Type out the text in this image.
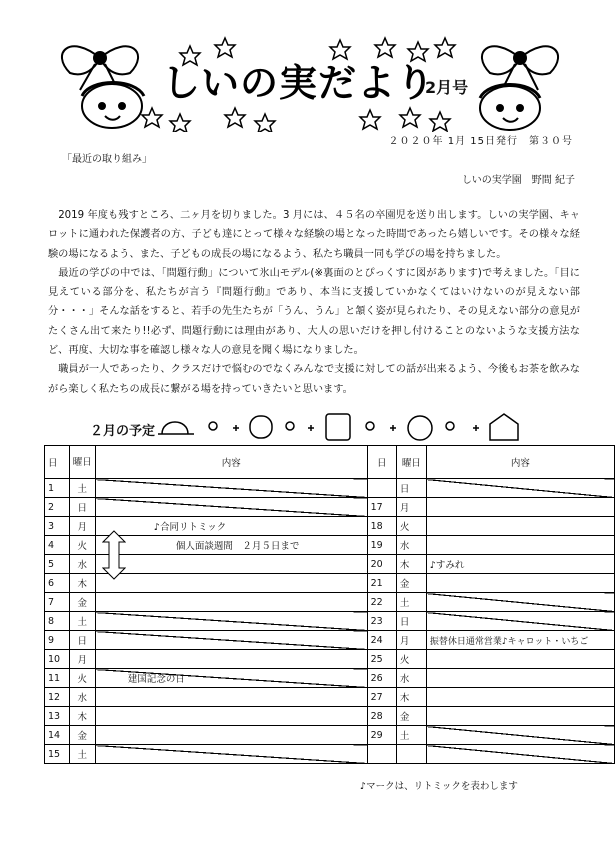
しいの実だより
2月号
２０２０年 1月 15日発行　第３０号
「最近の取り組み」
しいの実学園　野間 紀子

2019 年度も残すところ、二ヶ月を切りました。3 月には、４５名の卒園児を送り出します。しいの実学園、キャロットに通われた保護者の方、子ども達にとって様々な経験の場となった時間であったら嬉しいです。その様々な経験の場になるよう、また、子どもの成長の場になるよう、私たち職員一同も学びの場を持ちました。

最近の学びの中では、「問題行動」について氷山モデル(※裏面のとぴっくすに図があります)で考えました。「目に見えている部分を、私たちが言う『問題行動』であり、本当に支援していかなくてはいけないのが見えない部分・・・」そんな話をすると、若手の先生たちが「うん、うん」と頷く姿が見られたり、その見えない部分の意見がたくさん出て来たり!!必ず、問題行動には理由があり、大人の思いだけを押し付けることのないような支援方法など、再度、大切な事を確認し様々な人の意見を聞く場になりました。

職員が一人であったり、クラスだけで悩むのでなくみんなで支援に対しての話が出来るよう、今後もお茶を飲みながら楽しく私たちの成長に繋がる場を持っていきたいと思います。

２月の予定
日	曜日	内容	日	曜日	内容
1	土			日	
2	日		17	月	
3	月	♪合同リトミック	18	火	
4	火	個人面談週間　２月５日まで	19	水	
5	水		20	木	♪すみれ
6	木		21	金	
7	金		22	土	
8	土		23	日	
9	日		24	月	振替休日通常営業♪キャロット・いちご
10	月		25	火	
11	火	建国記念の日	26	水	
12	水		27	木	
13	木		28	金	
14	金		29	土	
15	土				
♪マークは、リトミックを表わします
